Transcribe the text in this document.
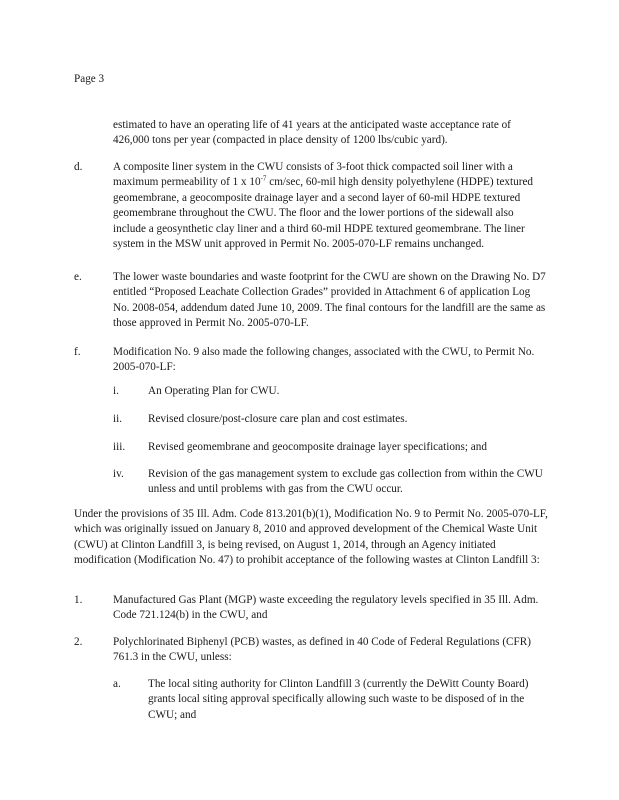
Page 3
estimated to have an operating life of 41 years at the anticipated waste acceptance rate of
426,000 tons per year (compacted in place density of 1200 lbs/cubic yard).
d.	A composite liner system in the CWU consists of 3-foot thick compacted soil liner with a maximum permeability of 1 x $10^{-7}$ cm/sec, 60-mil high density polyethylene (HDPE) textured geomembrane, a geocomposite drainage layer and a second layer of 60-mil HDPE textured geomembrane throughout the CWU. The floor and the lower portions of the sidewall also include a geosynthetic clay liner and a third 60-mil HDPE textured geomembrane. The liner system in the MSW unit approved in Permit No. 2005-070-LF remains unchanged.
e.	The lower waste boundaries and waste footprint for the CWU are shown on the Drawing No. D7 entitled “Proposed Leachate Collection Grades” provided in Attachment 6 of application Log No. 2008-054, addendum dated June 10, 2009. The final contours for the landfill are the same as those approved in Permit No. 2005-070-LF.
f.	Modification No. 9 also made the following changes, associated with the CWU, to Permit No. 2005-070-LF:
i.	An Operating Plan for CWU.
ii. Revised closure/post-closure care plan and cost estimates.
iii. Revised geomembrane and geocomposite drainage layer specifications; and
iv. Revision of the gas management system to exclude gas collection from within the CWU unless and until problems with gas from the CWU occur.
Under the provisions of 35 Ill. Adm. Code 813.201(b)(1), Modification No. 9 to Permit No. 2005-070-LF, which was originally issued on January 8, 2010 and approved development of the Chemical Waste Unit (CWU) at Clinton Landfill 3, is being revised, on August 1, 2014, through an Agency initiated modification (Modification No. 47) to prohibit acceptance of the following wastes at Clinton Landfill 3:
1.	Manufactured Gas Plant (MGP) waste exceeding the regulatory levels specified in 35 Ill. Adm. Code 721.124(b) in the CWU, and
2.	Polychlorinated Biphenyl (PCB) wastes, as defined in 40 Code of Federal Regulations (CFR) 761.3 in the CWU, unless:
a. The local siting authority for Clinton Landfill 3 (currently the DeWitt County Board) grants local siting approval specifically allowing such waste to be disposed of in the CWU; and
